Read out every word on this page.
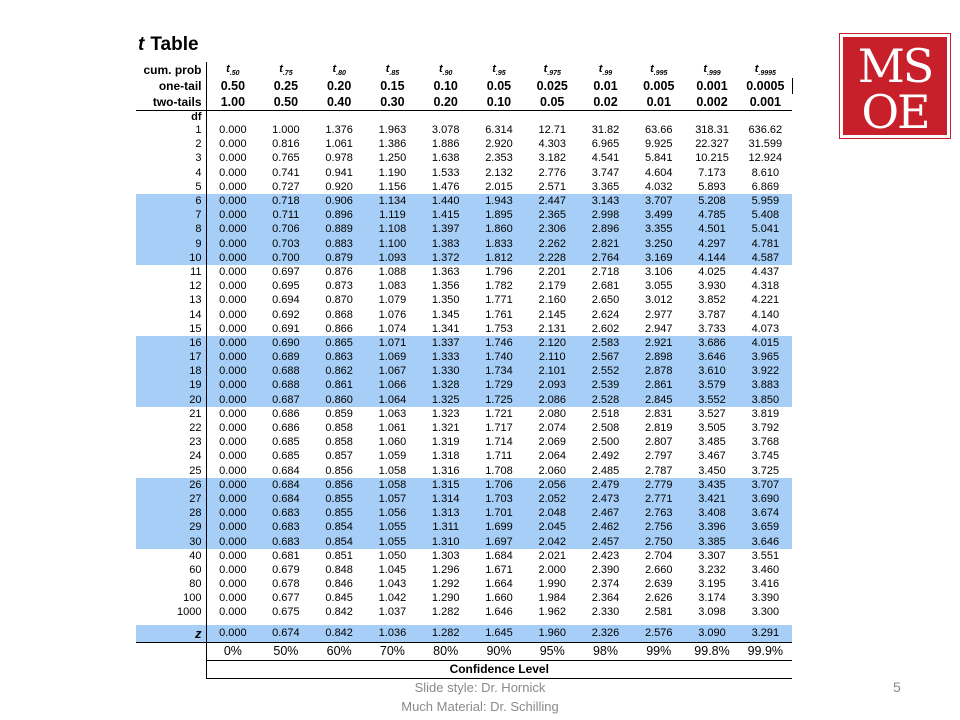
t Table	MS
OE
cum. prob	$t_{.50}$	$t_{.75}$	$t_{.80}$	$t_{.85}$	$t_{.90}$	$t_{.95}$	$t_{.975}$	$t_{.99}$	$t_{.995}$	$t_{.999}$	$t_{.9995}$
one-tail	0.50	0.25	0.20	0.15	0.10	0.05	0.025	0.01	0.005	0.001	0.0005
two-tails	1.00	0.50	0.40	0.30	0.20	0.10	0.05	0.02	0.01	0.002	0.001
df											
1	0.000	1.000	1.376	1.963	3.078	6.314	12.71	31.82	63.66	318.31	636.62
2	0.000	0.816	1.061	1.386	1.886	2.920	4.303	6.965	9.925	22.327	31.599
3	0.000	0.765	0.978	1.250	1.638	2.353	3.182	4.541	5.841	10.215	12.924
4	0.000	0.741	0.941	1.190	1.533	2.132	2.776	3.747	4.604	7.173	8.610
5	0.000	0.727	0.920	1.156	1.476	2.015	2.571	3.365	4.032	5.893	6.869
6	0.000	0.718	0.906	1.134	1.440	1.943	2.447	3.143	3.707	5.208	5.959
7	0.000	0.711	0.896	1.119	1.415	1.895	2.365	2.998	3.499	4.785	5.408
8	0.000	0.706	0.889	1.108	1.397	1.860	2.306	2.896	3.355	4.501	5.041
9	0.000	0.703	0.883	1.100	1.383	1.833	2.262	2.821	3.250	4.297	4.781
10	0.000	0.700	0.879	1.093	1.372	1.812	2.228	2.764	3.169	4.144	4.587
11	0.000	0.697	0.876	1.088	1.363	1.796	2.201	2.718	3.106	4.025	4.437
12	0.000	0.695	0.873	1.083	1.356	1.782	2.179	2.681	3.055	3.930	4.318
13	0.000	0.694	0.870	1.079	1.350	1.771	2.160	2.650	3.012	3.852	4.221
14	0.000	0.692	0.868	1.076	1.345	1.761	2.145	2.624	2.977	3.787	4.140
15	0.000	0.691	0.866	1.074	1.341	1.753	2.131	2.602	2.947	3.733	4.073
16	0.000	0.690	0.865	1.071	1.337	1.746	2.120	2.583	2.921	3.686	4.015
17	0.000	0.689	0.863	1.069	1.333	1.740	2.110	2.567	2.898	3.646	3.965
18	0.000	0.688	0.862	1.067	1.330	1.734	2.101	2.552	2.878	3.610	3.922
19	0.000	0.688	0.861	1.066	1.328	1.729	2.093	2.539	2.861	3.579	3.883
20	0.000	0.687	0.860	1.064	1.325	1.725	2.086	2.528	2.845	3.552	3.850
21	0.000	0.686	0.859	1.063	1.323	1.721	2.080	2.518	2.831	3.527	3.819
22	0.000	0.686	0.858	1.061	1.321	1.717	2.074	2.508	2.819	3.505	3.792
23	0.000	0.685	0.858	1.060	1.319	1.714	2.069	2.500	2.807	3.485	3.768
24	0.000	0.685	0.857	1.059	1.318	1.711	2.064	2.492	2.797	3.467	3.745
25	0.000	0.684	0.856	1.058	1.316	1.708	2.060	2.485	2.787	3.450	3.725
26	0.000	0.684	0.856	1.058	1.315	1.706	2.056	2.479	2.779	3.435	3.707
27	0.000	0.684	0.855	1.057	1.314	1.703	2.052	2.473	2.771	3.421	3.690
28	0.000	0.683	0.855	1.056	1.313	1.701	2.048	2.467	2.763	3.408	3.674
29	0.000	0.683	0.854	1.055	1.311	1.699	2.045	2.462	2.756	3.396	3.659
30	0.000	0.683	0.854	1.055	1.310	1.697	2.042	2.457	2.750	3.385	3.646
40	0.000	0.681	0.851	1.050	1.303	1.684	2.021	2.423	2.704	3.307	3.551
60	0.000	0.679	0.848	1.045	1.296	1.671	2.000	2.390	2.660	3.232	3.460
80	0.000	0.678	0.846	1.043	1.292	1.664	1.990	2.374	2.639	3.195	3.416
100	0.000	0.677	0.845	1.042	1.290	1.660	1.984	2.364	2.626	3.174	3.390
1000	0.000	0.675	0.842	1.037	1.282	1.646	1.962	2.330	2.581	3.098	3.300

z	0.000	0.674	0.842	1.036	1.282	1.645	1.960	2.326	2.576	3.090	3.291
	0%	50%	60%	70%	80%	90%	95%	98%	99%	99.8%	99.9%
	Confidence Level										
Slide style: Dr. Hornick
Much Material: Dr. Schilling
5
